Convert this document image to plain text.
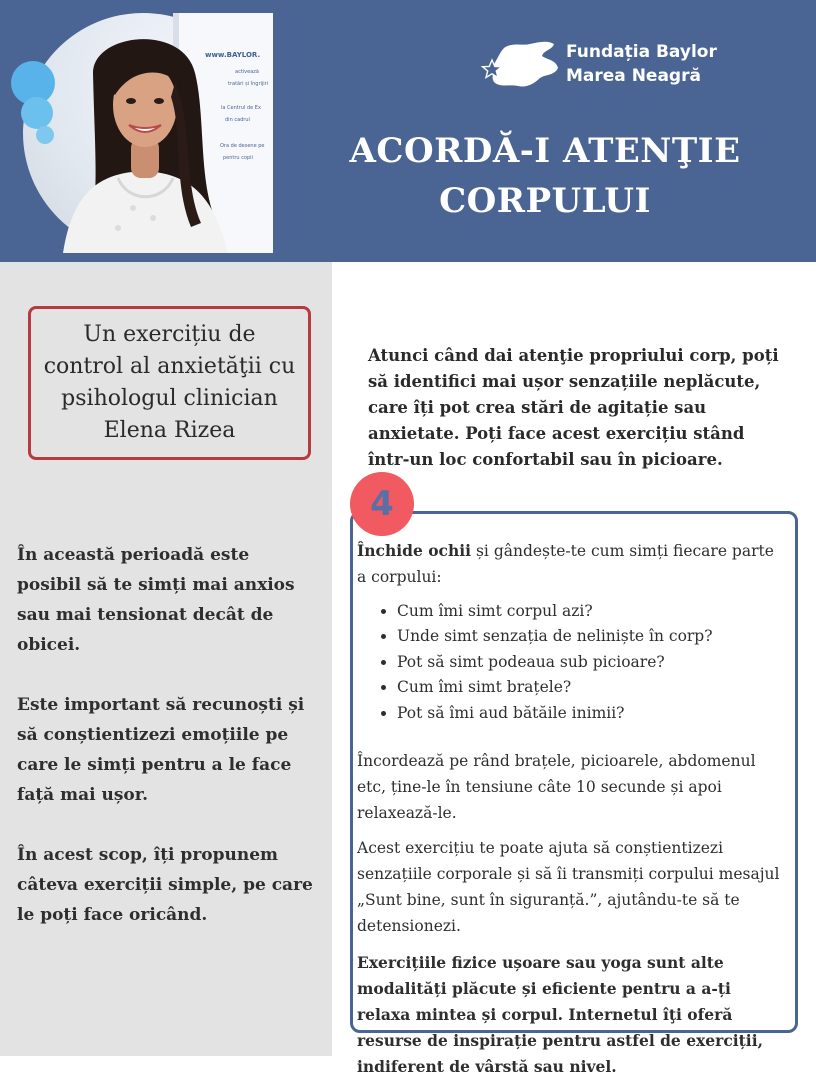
www.BAYLOR.
activează
tratări și îngrijiri
la Centrul de Ex
din cadrul
Ora de desene pe
pentru copii
Fundația Baylor
Marea Neagră
ACORDĂ-I ATENŢIE
CORPULUI
Un exercițiu de
control al anxietăţii cu
psihologul clinician
Elena Rizea

În această perioadă este posibil să te simți mai anxios sau mai tensionat decât de obicei.

Este important să recunoști și să conștientizezi emoțiile pe care le simți pentru a le face față mai ușor.

În acest scop, îți propunem câteva exerciții simple, pe care le poți face oricând.

Atunci când dai atenţie propriului corp, poți să identifici mai ușor senzațiile neplăcute, care îți pot crea stări de agitație sau anxietate. Poți face acest exercițiu stând într-un loc confortabil sau în picioare.

Închide ochii și gândește-te cum simți fiecare parte a corpului:

• Cum îmi simt corpul azi?
• Unde simt senzația de neliniște în corp?
• Pot să simt podeaua sub picioare?
• Cum îmi simt brațele?
• Pot să îmi aud bătăile inimii?

Încordează pe rând brațele, picioarele, abdomenul etc, ține-le în tensiune câte 10 secunde și apoi relaxează-le.

Acest exercițiu te poate ajuta să conștientizezi senzațiile corporale și să îi transmiți corpului mesajul „Sunt bine, sunt în siguranță.”, ajutându-te să te detensionezi.

Exercițiile fizice ușoare sau yoga sunt alte modalități plăcute și eficiente pentru a a-ți relaxa mintea și corpul. Internetul îţi oferă resurse de inspirație pentru astfel de exerciții, indiferent de vârstă sau nivel.

4
